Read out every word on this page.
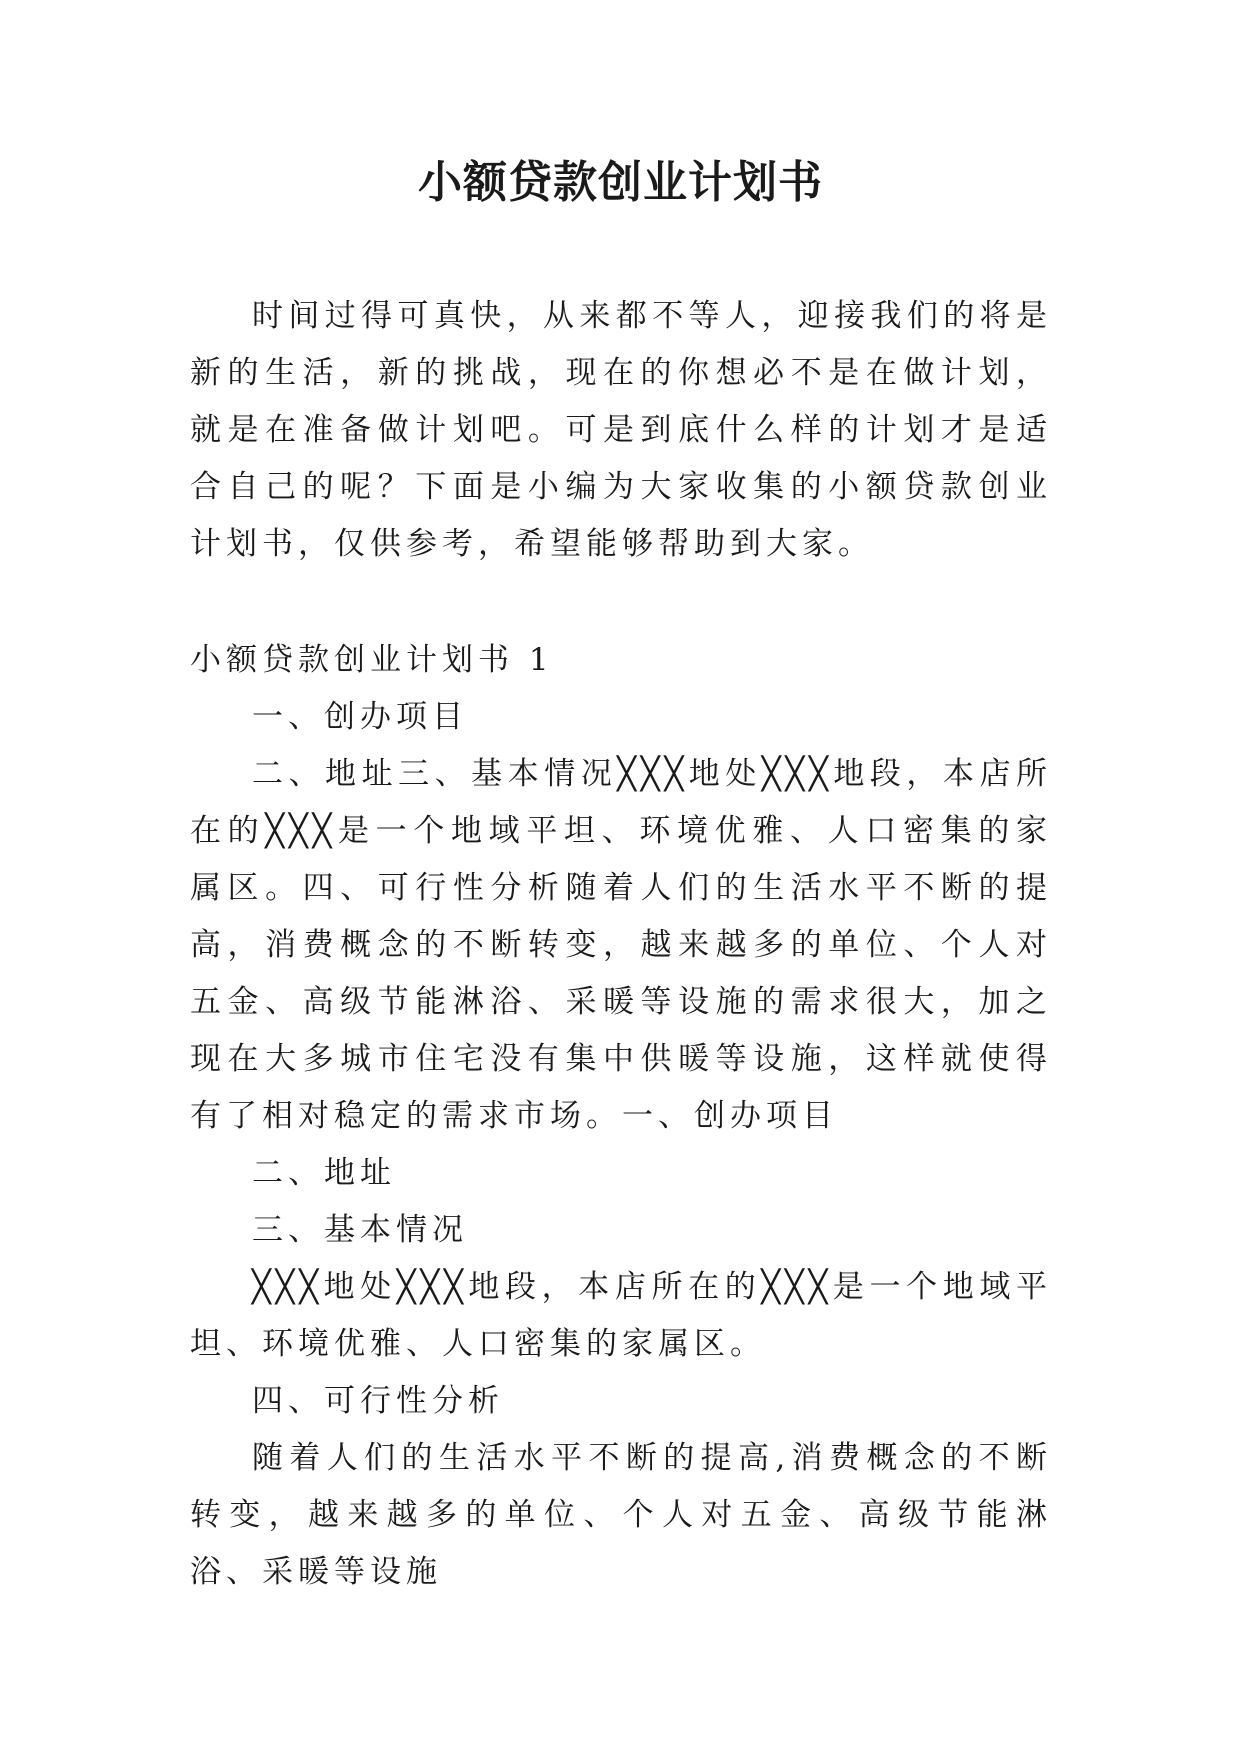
小额贷款创业计划书

时间过得可真快，从来都不等人，迎接我们的将是新的生活，新的挑战，现在的你想必不是在做计划，就是在准备做计划吧。可是到底什么样的计划才是适合自己的呢？下面是小编为大家收集的小额贷款创业计划书，仅供参考，希望能够帮助到大家。

小额贷款创业计划书 1

一、创办项目

二、地址三、基本情况╳╳╳地处╳╳╳地段，本店所在的╳╳╳是一个地域平坦、环境优雅、人口密集的家属区。四、可行性分析随着人们的生活水平不断的提高，消费概念的不断转变，越来越多的单位、个人对五金、高级节能淋浴、采暖等设施的需求很大，加之现在大多城市住宅没有集中供暖等设施，这样就使得有了相对稳定的需求市场。一、创办项目

二、地址

三、基本情况

╳╳╳地处╳╳╳地段，本店所在的╳╳╳是一个地域平坦、环境优雅、人口密集的家属区。

四、可行性分析

随着人们的生活水平不断的提高,消费概念的不断转变，越来越多的单位、个人对五金、高级节能淋浴、采暖等设施
